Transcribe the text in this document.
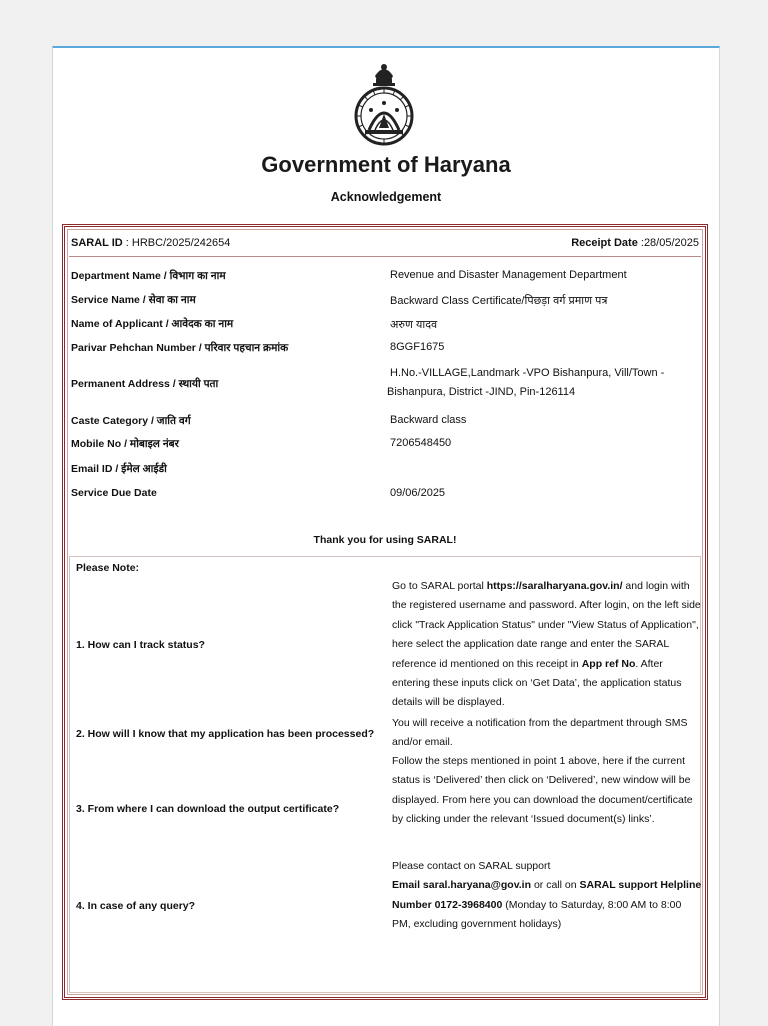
Government of Haryana
Acknowledgement
SARAL ID : HRBC/2025/242654	Receipt Date :28/05/2025
Department Name / विभाग का नाम	Revenue and Disaster Management Department
Service Name / सेवा का नाम	Backward Class Certificate/पिछड़ा वर्ग प्रमाण पत्र
Name of Applicant / आवेदक का नाम	अरुण यादव
Parivar Pehchan Number / परिवार पहचान क्रमांक	8GGF1675
Permanent Address / स्थायी पता
H.No.-VILLAGE,Landmark -VPO Bishanpura, Vill/Town -
Bishanpura, District -JIND, Pin-126114
Caste Category / जाति वर्ग	Backward class
Mobile No / मोबाइल नंबर	7206548450
Email ID / ईमेल आईडी
Service Due Date	09/06/2025
Thank you for using SARAL!
Please Note:
1. How can I track status?
Go to SARAL portal https://saralharyana.gov.in/ and login with the registered username and password. After login, on the left side click "Track Application Status" under "View Status of Application", here select the application date range and enter the SARAL reference id mentioned on this receipt in App ref No. After entering these inputs click on ‘Get Data’, the application status details will be displayed.
2. How will I know that my application has been processed?
You will receive a notification from the department through SMS and/or email.
3. From where I can download the output certificate?
Follow the steps mentioned in point 1 above, here if the current status is ‘Delivered’ then click on ‘Delivered’, new window will be displayed. From here you can download the document/certificate by clicking under the relevant ‘Issued document(s) links’.
4. In case of any query?
Please contact on SARAL support
Email saral.haryana@gov.in or call on SARAL support Helpline Number 0172-3968400 (Monday to Saturday, 8:00 AM to 8:00 PM, excluding government holidays)
